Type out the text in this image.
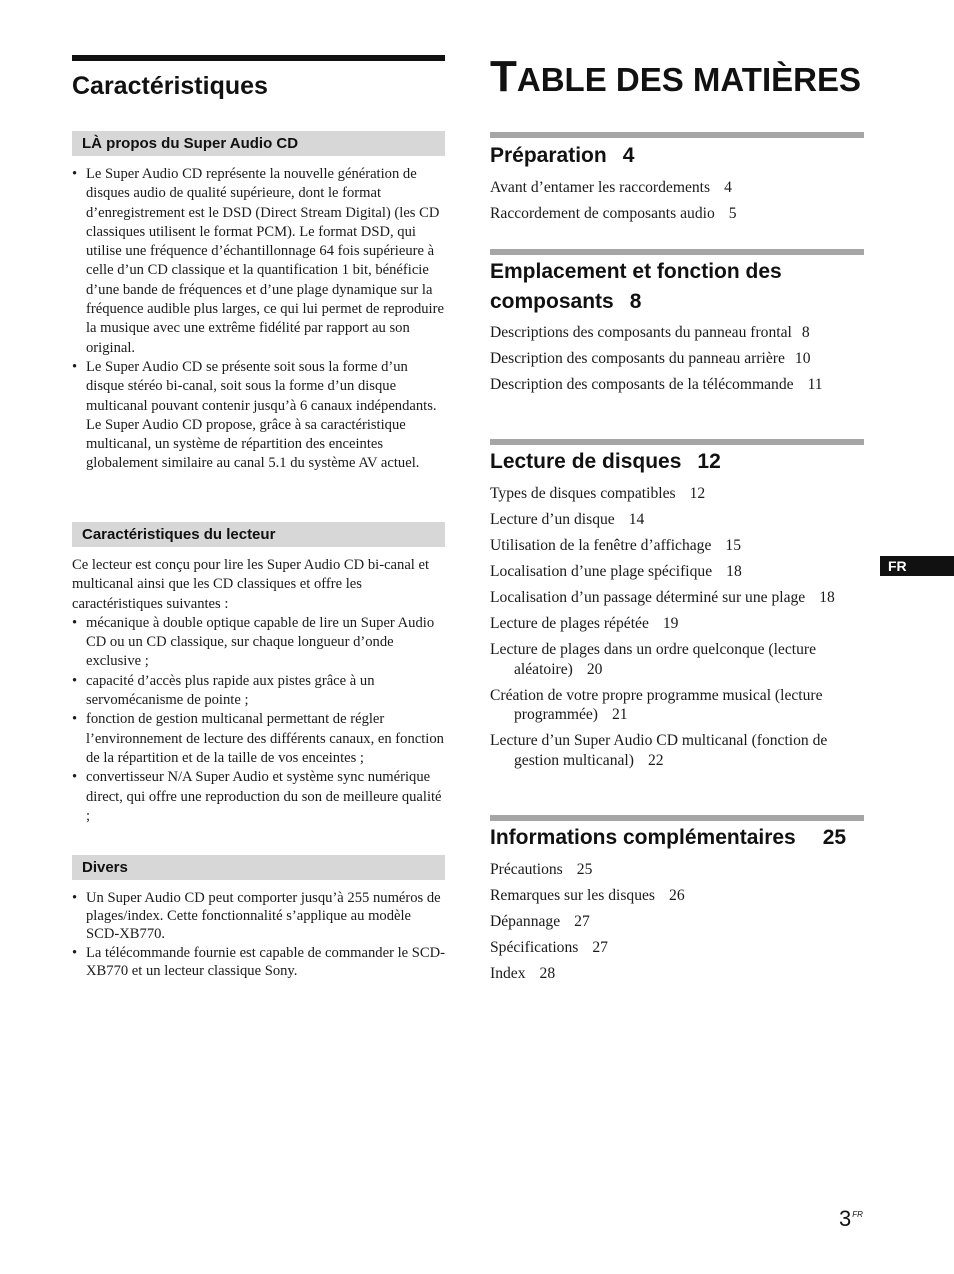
Caractéristiques
LÀ propos du Super Audio CD
• Le Super Audio CD représente la nouvelle génération de disques audio de qualité supérieure, dont le format d’enregistrement est le DSD (Direct Stream Digital) (les CD classiques utilisent le format PCM). Le format DSD, qui utilise une fréquence d’échantillonnage 64 fois supérieure à celle d’un CD classique et la quantification 1 bit, bénéficie d’une bande de fréquences et d’une plage dynamique sur la fréquence audible plus larges, ce qui lui permet de reproduire la musique avec une extrême fidélité par rapport au son original.
• Le Super Audio CD se présente soit sous la forme d’un disque stéréo bi-canal, soit sous la forme d’un disque multicanal pouvant contenir jusqu’à 6 canaux indépendants. Le Super Audio CD propose, grâce à sa caractéristique multicanal, un système de répartition des enceintes globalement similaire au canal 5.1 du système AV actuel.
Caractéristiques du lecteur

Ce lecteur est conçu pour lire les Super Audio CD bi-canal et multicanal ainsi que les CD classiques et offre les caractéristiques suivantes :

• mécanique à double optique capable de lire un Super Audio CD ou un CD classique, sur chaque longueur d’onde exclusive ;
• capacité d’accès plus rapide aux pistes grâce à un servomécanisme de pointe ;
• fonction de gestion multicanal permettant de régler l’environnement de lecture des différents canaux, en fonction de la répartition et de la taille de vos enceintes ;
• convertisseur N/A Super Audio et système sync numérique direct, qui offre une reproduction du son de meilleure qualité ;
Divers
• Un Super Audio CD peut comporter jusqu’à 255 numéros de plages/index. Cette fonctionnalité s’applique au modèle SCD-XB770.
• La télécommande fournie est capable de commander le SCD-XB770 et un lecteur classique Sony.
TABLE DES MATIÈRES
Préparation 4
Avant d’entamer les raccordements 4
Raccordement de composants audio 5
Emplacement et fonction des composants 8
Descriptions des composants du panneau frontal 8
Description des composants du panneau arrière 10
Description des composants de la télécommande 11
Lecture de disques 12
Types de disques compatibles 12
Lecture d’un disque 14
Utilisation de la fenêtre d’affichage 15
Localisation d’une plage spécifique 18
Localisation d’un passage déterminé sur une plage 18
Lecture de plages répétée 19
Lecture de plages dans un ordre quelconque (lecture aléatoire) 20
Création de votre propre programme musical (lecture programmée) 21
Lecture d’un Super Audio CD multicanal (fonction de gestion multicanal) 22
Informations complémentaires 25
Précautions 25
Remarques sur les disques 26
Dépannage 27
Spécifications 27
Index 28
FR
$3^{FR}$
